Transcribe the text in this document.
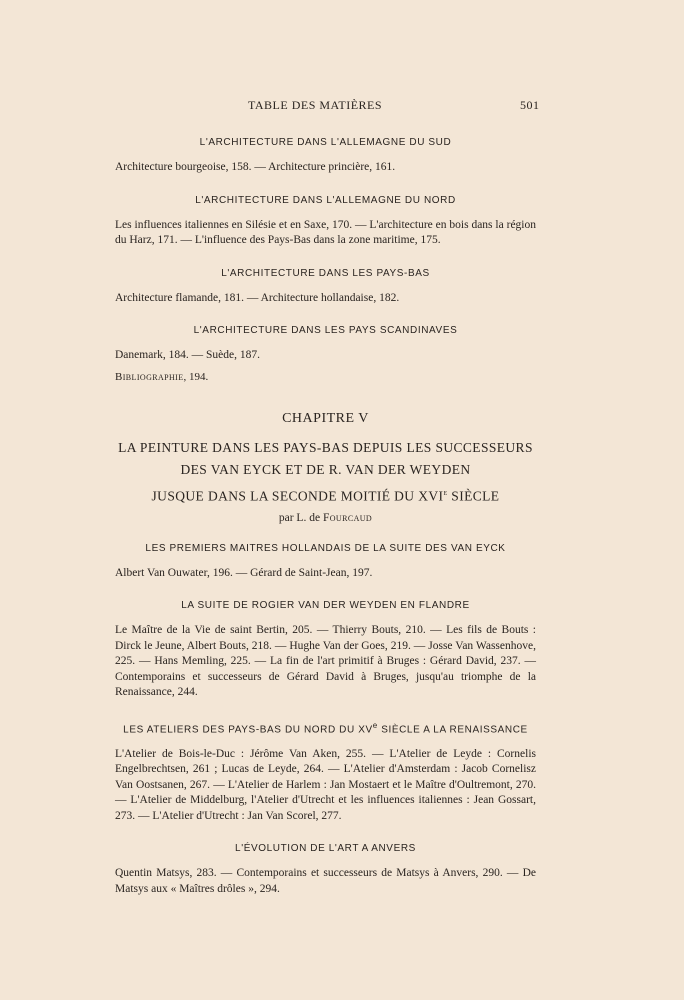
TABLE DES MATIÈRES	501

L'ARCHITECTURE DANS L'ALLEMAGNE DU SUD

Architecture bourgeoise, 158. — Architecture princière, 161.

L'ARCHITECTURE DANS L'ALLEMAGNE DU NORD

Les influences italiennes en Silésie et en Saxe, 170. — L'architecture en bois dans la région du Harz, 171. — L'influence des Pays-Bas dans la zone maritime, 175.

L'ARCHITECTURE DANS LES PAYS-BAS

Architecture flamande, 181. — Architecture hollandaise, 182.

L'ARCHITECTURE DANS LES PAYS SCANDINAVES

Danemark, 184. — Suède, 187.

Bibliographie, 194.

CHAPITRE V

LA PEINTURE DANS LES PAYS-BAS DEPUIS LES SUCCESSEURS

DES VAN EYCK ET DE R. VAN DER WEYDEN

JUSQUE DANS LA SECONDE MOITIÉ DU XVIe SIÈCLE

par L. de Fourcaud

LES PREMIERS MAITRES HOLLANDAIS DE LA SUITE DES VAN EYCK

Albert Van Ouwater, 196. — Gérard de Saint-Jean, 197.

LA SUITE DE ROGIER VAN DER WEYDEN EN FLANDRE

Le Maître de la Vie de saint Bertin, 205. — Thierry Bouts, 210. — Les fils de Bouts : Dirck le Jeune, Albert Bouts, 218. — Hughe Van der Goes, 219. — Josse Van Wassenhove, 225. — Hans Memling, 225. — La fin de l'art primitif à Bruges : Gérard David, 237. — Contemporains et successeurs de Gérard David à Bruges, jusqu'au triomphe de la Renaissance, 244.

LES ATELIERS DES PAYS-BAS DU NORD DU XVe SIÈCLE A LA RENAISSANCE

L'Atelier de Bois-le-Duc : Jérôme Van Aken, 255. — L'Atelier de Leyde : Cornelis Engelbrechtsen, 261 ; Lucas de Leyde, 264. — L'Atelier d'Amsterdam : Jacob Cornelisz Van Oostsanen, 267. — L'Atelier de Harlem : Jan Mostaert et le Maître d'Oultremont, 270. — L'Atelier de Middelburg, l'Atelier d'Utrecht et les influences italiennes : Jean Gossart, 273. — L'Atelier d'Utrecht : Jan Van Scorel, 277.

L'ÉVOLUTION DE L'ART A ANVERS

Quentin Matsys, 283. — Contemporains et successeurs de Matsys à Anvers, 290. — De Matsys aux « Maîtres drôles », 294.
